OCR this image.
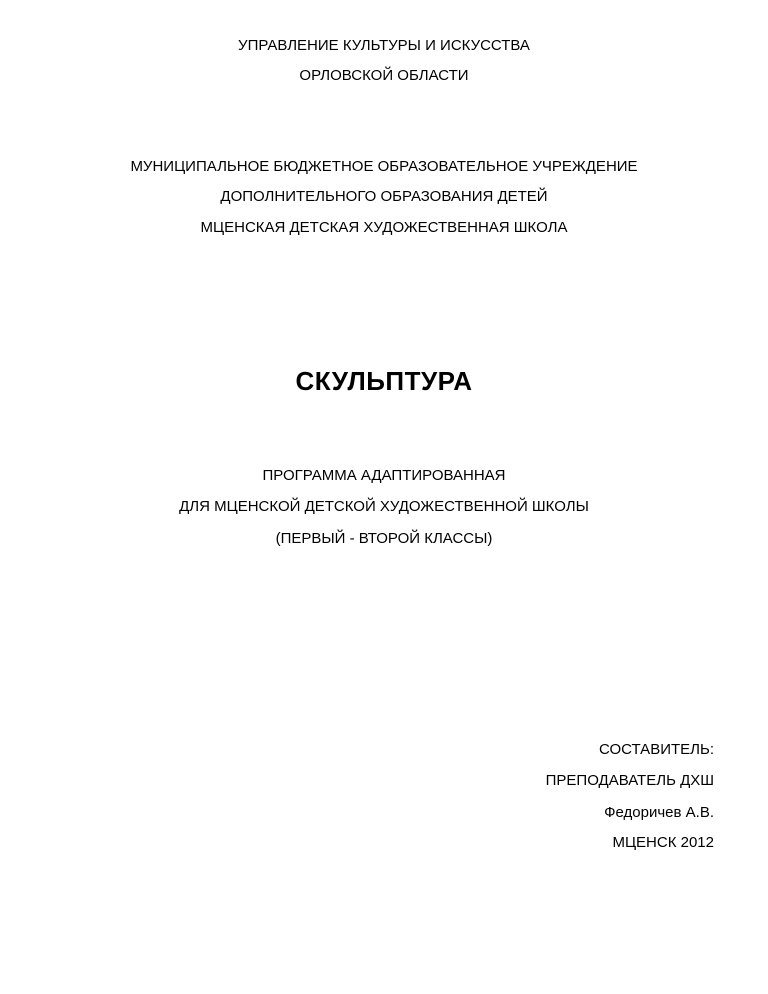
УПРАВЛЕНИЕ КУЛЬТУРЫ И ИСКУССТВА
ОРЛОВСКОЙ ОБЛАСТИ
МУНИЦИПАЛЬНОЕ БЮДЖЕТНОЕ ОБРАЗОВАТЕЛЬНОЕ УЧРЕЖДЕНИЕ
ДОПОЛНИТЕЛЬНОГО ОБРАЗОВАНИЯ ДЕТЕЙ
МЦЕНСКАЯ ДЕТСКАЯ ХУДОЖЕСТВЕННАЯ ШКОЛА
СКУЛЬПТУРА
ПРОГРАММА АДАПТИРОВАННАЯ
ДЛЯ МЦЕНСКОЙ ДЕТСКОЙ ХУДОЖЕСТВЕННОЙ ШКОЛЫ
(ПЕРВЫЙ - ВТОРОЙ КЛАССЫ)
СОСТАВИТЕЛЬ:
ПРЕПОДАВАТЕЛЬ ДХШ
Федоричев А.В.
МЦЕНСК 2012
